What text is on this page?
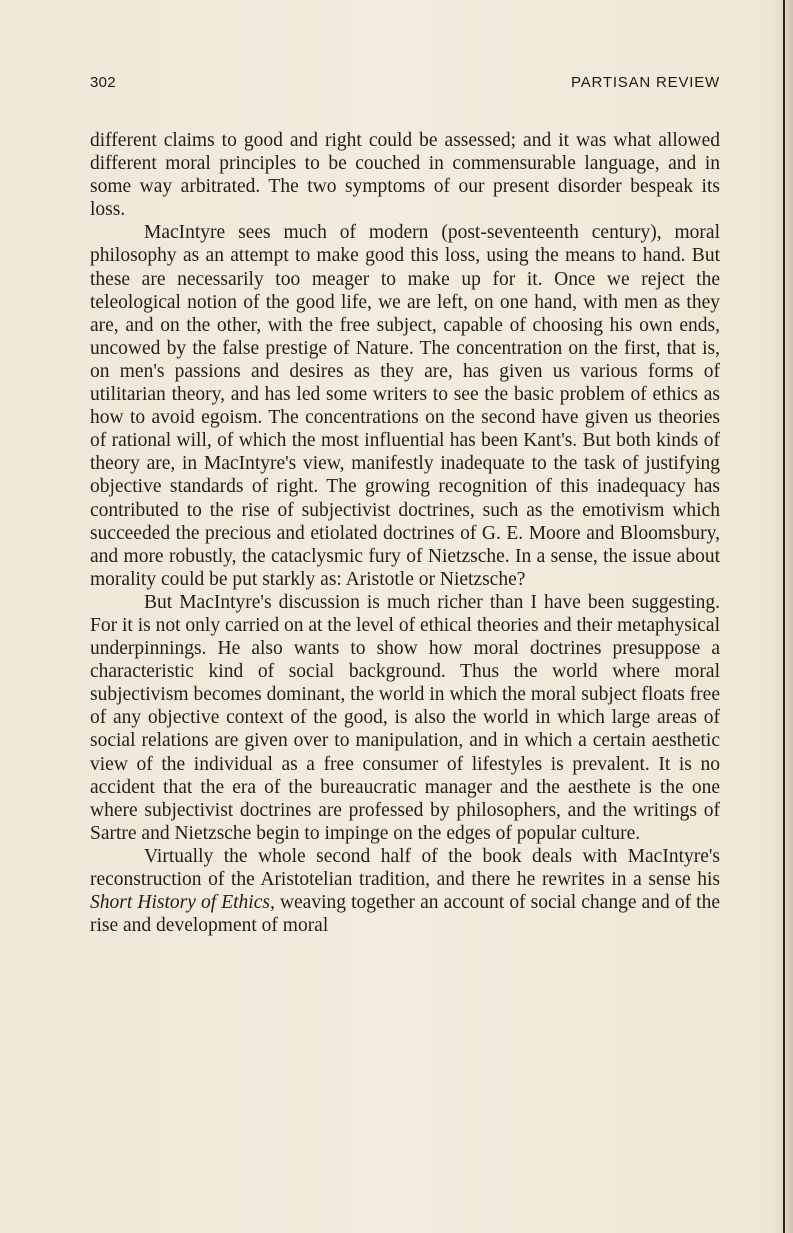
302	PARTISAN REVIEW

different claims to good and right could be assessed; and it was what allowed different moral principles to be couched in commensurable language, and in some way arbitrated. The two symptoms of our present disorder bespeak its loss.

MacIntyre sees much of modern (post-seventeenth century), moral philosophy as an attempt to make good this loss, using the means to hand. But these are necessarily too meager to make up for it. Once we reject the teleological notion of the good life, we are left, on one hand, with men as they are, and on the other, with the free subject, capable of choosing his own ends, uncowed by the false prestige of Nature. The concentration on the first, that is, on men's passions and desires as they are, has given us various forms of utilitarian theory, and has led some writers to see the basic problem of ethics as how to avoid egoism. The concentrations on the second have given us theories of rational will, of which the most influential has been Kant's. But both kinds of theory are, in MacIntyre's view, manifestly inadequate to the task of justifying objective standards of right. The growing recognition of this inadequacy has contributed to the rise of subjectivist doctrines, such as the emotivism which succeeded the precious and etiolated doctrines of G. E. Moore and Bloomsbury, and more robustly, the cataclysmic fury of Nietzsche. In a sense, the issue about morality could be put starkly as: Aristotle or Nietzsche?

But MacIntyre's discussion is much richer than I have been suggesting. For it is not only carried on at the level of ethical theories and their metaphysical underpinnings. He also wants to show how moral doctrines presuppose a characteristic kind of social background. Thus the world where moral subjectivism becomes dominant, the world in which the moral subject floats free of any objective context of the good, is also the world in which large areas of social relations are given over to manipulation, and in which a certain aesthetic view of the individual as a free consumer of lifestyles is prevalent. It is no accident that the era of the bureaucratic manager and the aesthete is the one where subjectivist doctrines are professed by philosophers, and the writings of Sartre and Nietzsche begin to impinge on the edges of popular culture.

Virtually the whole second half of the book deals with MacIntyre's reconstruction of the Aristotelian tradition, and there he rewrites in a sense his Short History of Ethics, weaving together an account of social change and of the rise and development of moral
